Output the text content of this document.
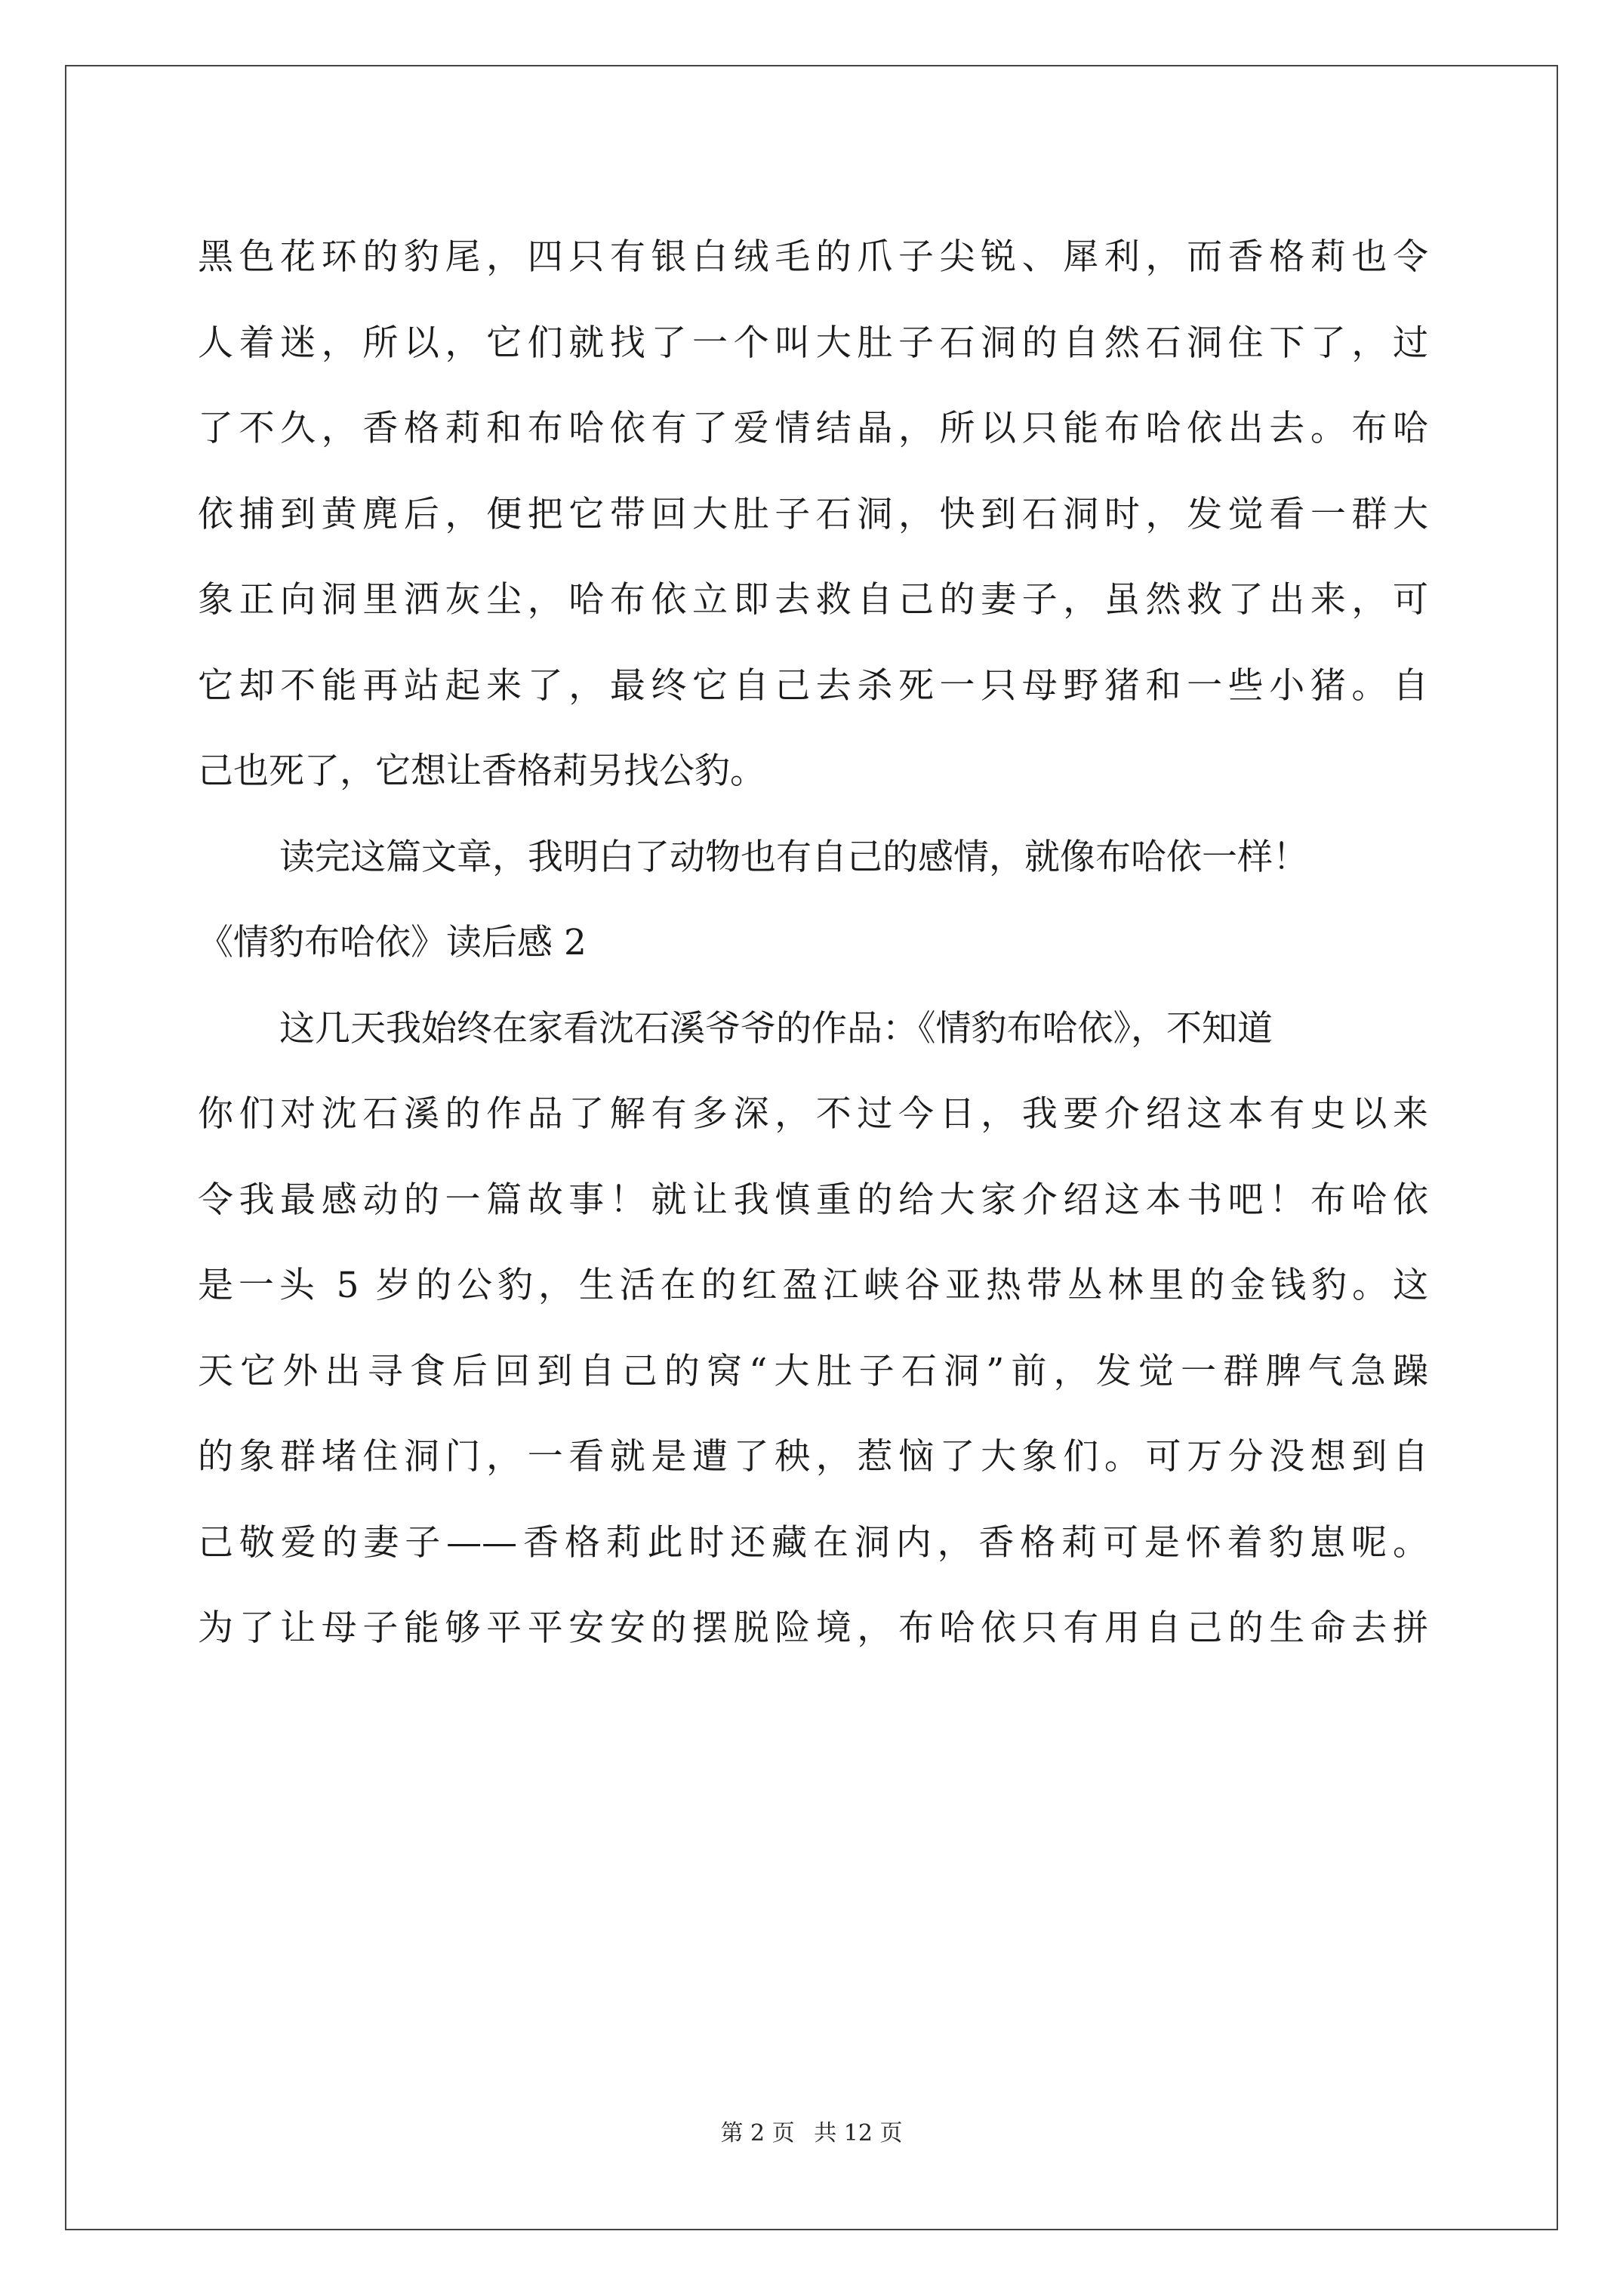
黑色花环的豹尾，四只有银白绒毛的爪子尖锐、犀利，而香格莉也令
人着迷，所以，它们就找了一个叫大肚子石洞的自然石洞住下了，过
了不久，香格莉和布哈依有了爱情结晶，所以只能布哈依出去。布哈
依捕到黄麂后，便把它带回大肚子石洞，快到石洞时，发觉看一群大
象正向洞里洒灰尘，哈布依立即去救自己的妻子，虽然救了出来，可
它却不能再站起来了，最终它自己去杀死一只母野猪和一些小猪。自
己也死了，它想让香格莉另找公豹。
读完这篇文章，我明白了动物也有自己的感情，就像布哈依一样！
《情豹布哈依》读后感 2
这几天我始终在家看沈石溪爷爷的作品：《情豹布哈依》，不知道
你们对沈石溪的作品了解有多深，不过今日，我要介绍这本有史以来
令我最感动的一篇故事！就让我慎重的给大家介绍这本书吧！布哈依
是一头 5 岁的公豹，生活在的红盈江峡谷亚热带丛林里的金钱豹。这
天它外出寻食后回到自己的窝“大肚子石洞”前，发觉一群脾气急躁
的象群堵住洞门，一看就是遭了秧，惹恼了大象们。可万分没想到自
己敬爱的妻子——香格莉此时还藏在洞内，香格莉可是怀着豹崽呢。
为了让母子能够平平安安的摆脱险境，布哈依只有用自己的生命去拼
第 2 页 共 12 页
